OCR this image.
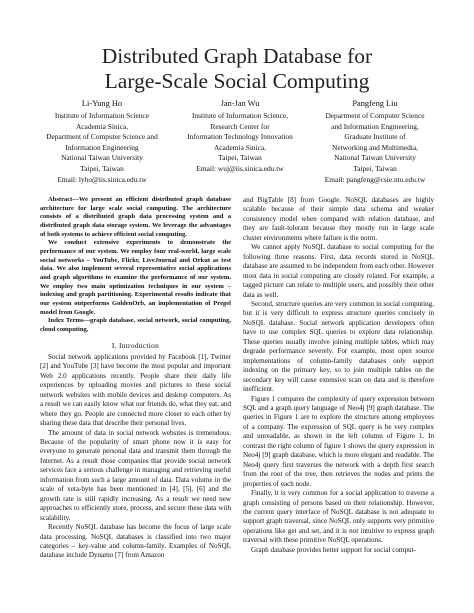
Distributed Graph Database for
Large-Scale Social Computing
Li-Yung Ho
Institute of Information Science
Academia Sinica,
Department of Computer Science and
Information Engineering
National Taiwan University
Taipei, Taiwan
Email: lyho@iis.sinica.edu.tw
Jan-Jan Wu
Institute of Information Science,
Research Center for
Information Technology Innovation
Academia Sinica,
Taipei, Taiwan
Email: wuj@iis.sinica.edu.tw
Pangfeng Liu
Department of Computer Science
and Information Engineering,
Graduate Institute of
Networking and Multimedia,
National Taiwan University
Taipei, Taiwan
Email: pangfeng@csie.ntu.edu.tw

Abstract—We present an efficient distributed graph database architecture for large scale social computing. The architecture consists of a distributed graph data processing system and a distributed graph data storage system. We leverage the advantages of both systems to achieve efficient social computing.

We conduct extensive experiments to demonstrate the performance of our system. We employ four real-world, large scale social networks – YouTube, Flickr, LiveJournal and Orkut as test data. We also implement several representative social applications and graph algorithms to examine the performance of our system. We employ two main optimization techniques in our system – indexing and graph partitioning. Experimental results indicate that our system outperforms GoldenOrb, an implementation of Pregel model from Google.

Index Terms—graph database, social network, social computing, cloud computing,

I. Introduction

Social network applications provided by Facebook [1], Twitter [2] and YouTube [3] have become the most popular and important Web 2.0 applications recently. People share their daily life experiences by uploading movies and pictures to these social network websites with mobile devices and desktop computers. As a result we can easily know what our friends do, what they eat, and where they go. People are connected more closer to each other by sharing these data that describe their personal lives.

The amount of data in social network websites is tremendous. Because of the popularity of smart phone now it is easy for everyone to generate personal data and transmit them through the Internet. As a result those companies that provide social network services face a serious challenge in managing and retrieving useful information from such a large amount of data. Data volume in the scale of xeta-byte has been mentioned in [4], [5], [6] and the growth rate is still rapidly increasing. As a result we need new approaches to efficiently store, process, and secure these data with scalability.

Recently NoSQL database has become the focus of large scale data processing. NoSQL databases is classified into two major categories – key-value and column-family. Examples of NoSQL database include Dynamo [7] from Amazon

and BigTable [8] from Google. NoSQL databases are highly scalable because of their simple data schema and weaker consistency model when compared with relation database, and they are fault-tolerant because they mostly run in large scale cluster environments where failure is the norm.

We cannot apply NoSQL database to social computing for the following three reasons. First, data records stored in NoSQL database are assumed to be independent from each other. However most data in social computing are closely related. For example, a tagged picture can relate to multiple users, and possibly their other data as well.

Second, structure queries are very common in social computing, but it is very difficult to express structure queries concisely in NoSQL database. Social network application developers often have to use complex SQL queries to explore data relationship. These queries usually involve joining multiple tables, which may degrade performance severely. For example, most open source implementations of column-family databases only support indexing on the primary key, so to join multiple tables on the secondary key will cause extensive scan on data and is therefore inefficient.

Figure 1 compares the complexity of query expression between SQL and a graph query language of Neo4j [9] graph database. The queries in Figure 1 are to explore the structure among employees of a company. The expression of SQL query is be very complex and unreadable, as shown in the left column of Figure 1. In contrast the right column of figure 1 shows the query expression in Neo4j [9] graph database, which is more elegant and readable. The Neo4j query first traverses the network with a depth first search from the root of the tree, then retrieves the nodes and prints the properties of each node.

Finally, it is very common for a social application to traverse a graph consisting of persons based on their relationship. However, the current query interface of NoSQL database is not adequate to support graph traversal, since NoSQL only supports very primitive operations like get and set, and it is not intuitive to express graph traversal with these primitive NoSQL operations.

Graph database provides better support for social comput-
